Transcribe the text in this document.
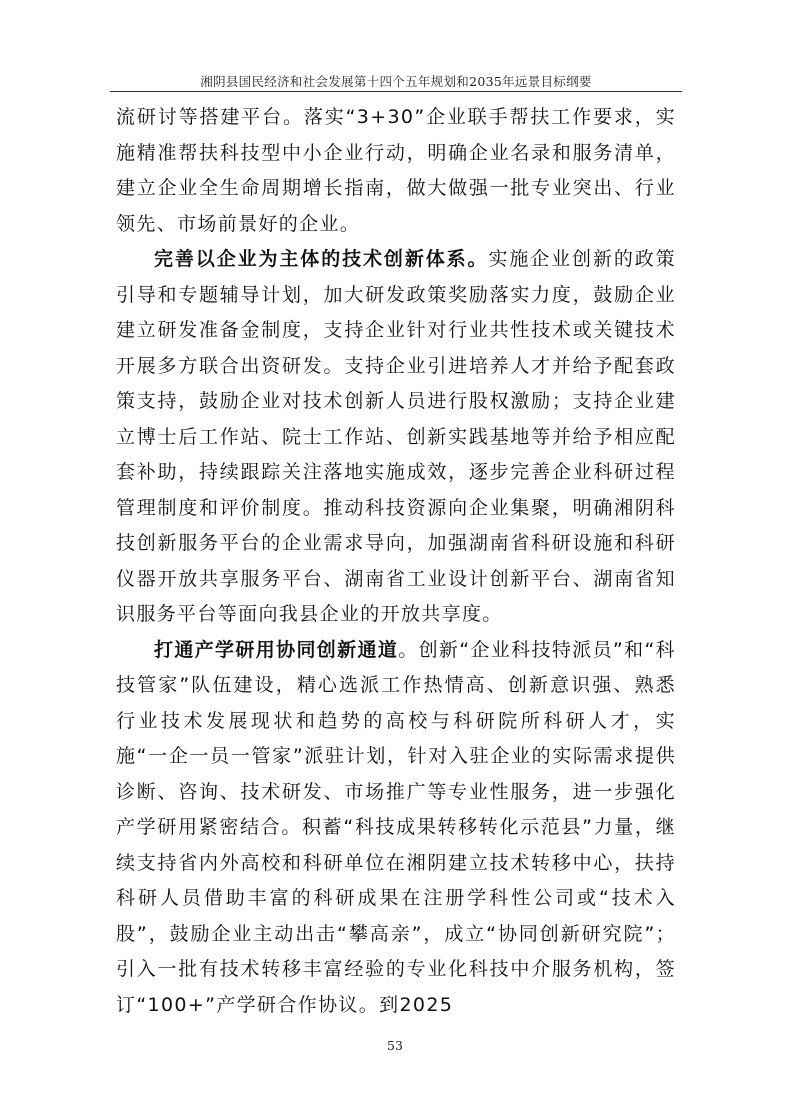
湘阴县国民经济和社会发展第十四个五年规划和2035年远景目标纲要

流研讨等搭建平台。落实“3+30”企业联手帮扶工作要求，实施精准帮扶科技型中小企业行动，明确企业名录和服务清单，建立企业全生命周期增长指南，做大做强一批专业突出、行业领先、市场前景好的企业。

完善以企业为主体的技术创新体系。实施企业创新的政策引导和专题辅导计划，加大研发政策奖励落实力度，鼓励企业建立研发准备金制度，支持企业针对行业共性技术或关键技术开展多方联合出资研发。支持企业引进培养人才并给予配套政策支持，鼓励企业对技术创新人员进行股权激励；支持企业建立博士后工作站、院士工作站、创新实践基地等并给予相应配套补助，持续跟踪关注落地实施成效，逐步完善企业科研过程管理制度和评价制度。推动科技资源向企业集聚，明确湘阴科技创新服务平台的企业需求导向，加强湖南省科研设施和科研仪器开放共享服务平台、湖南省工业设计创新平台、湖南省知识服务平台等面向我县企业的开放共享度。

打通产学研用协同创新通道。创新“企业科技特派员”和“科技管家”队伍建设，精心选派工作热情高、创新意识强、熟悉行业技术发展现状和趋势的高校与科研院所科研人才，实施“一企一员一管家”派驻计划，针对入驻企业的实际需求提供诊断、咨询、技术研发、市场推广等专业性服务，进一步强化产学研用紧密结合。积蓄“科技成果转移转化示范县”力量，继续支持省内外高校和科研单位在湘阴建立技术转移中心，扶持科研人员借助丰富的科研成果在注册学科性公司或“技术入股”，鼓励企业主动出击“攀高亲”，成立“协同创新研究院”；引入一批有技术转移丰富经验的专业化科技中介服务机构，签订“100+”产学研合作协议。到2025

53
